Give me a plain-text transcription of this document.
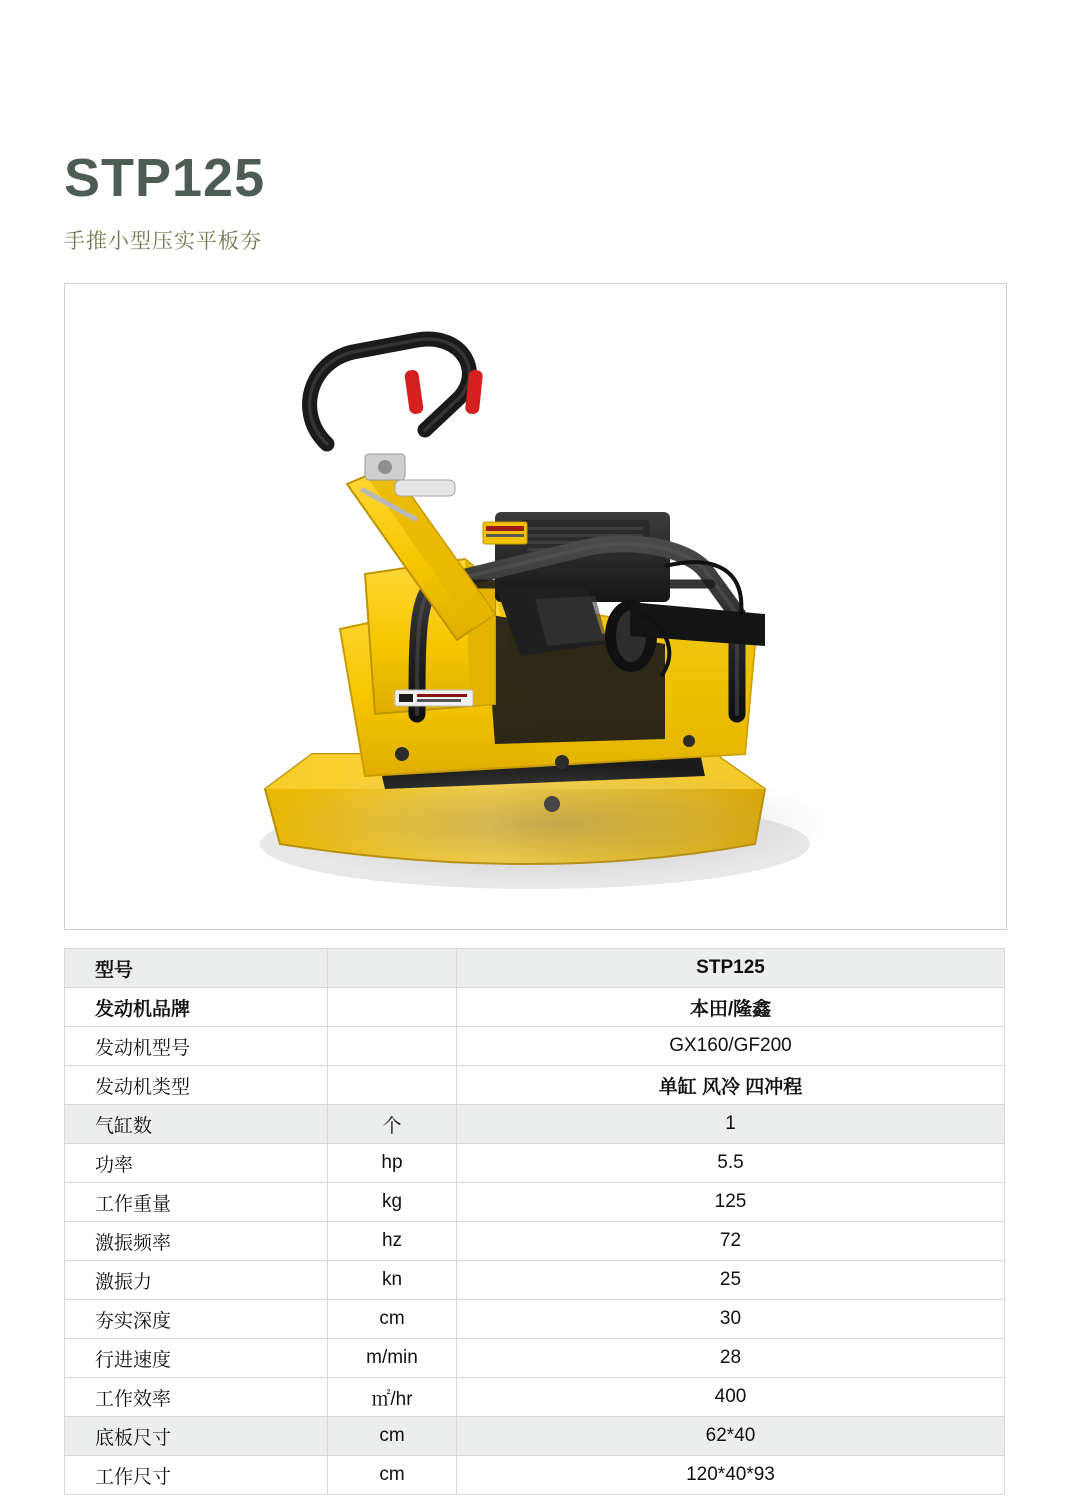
STP125

手推小型压实平板夯

型号		STP125
发动机品牌		本田/隆鑫
发动机型号		GX160/GF200
发动机类型		单缸 风冷 四冲程
气缸数	个	1
功率	hp	5.5
工作重量	kg	125
激振频率	hz	72
激振力	kn	25
夯实深度	cm	30
行进速度	m/min	28
工作效率	㎡/hr	400
底板尺寸	cm	62*40
工作尺寸	cm	120*40*93
